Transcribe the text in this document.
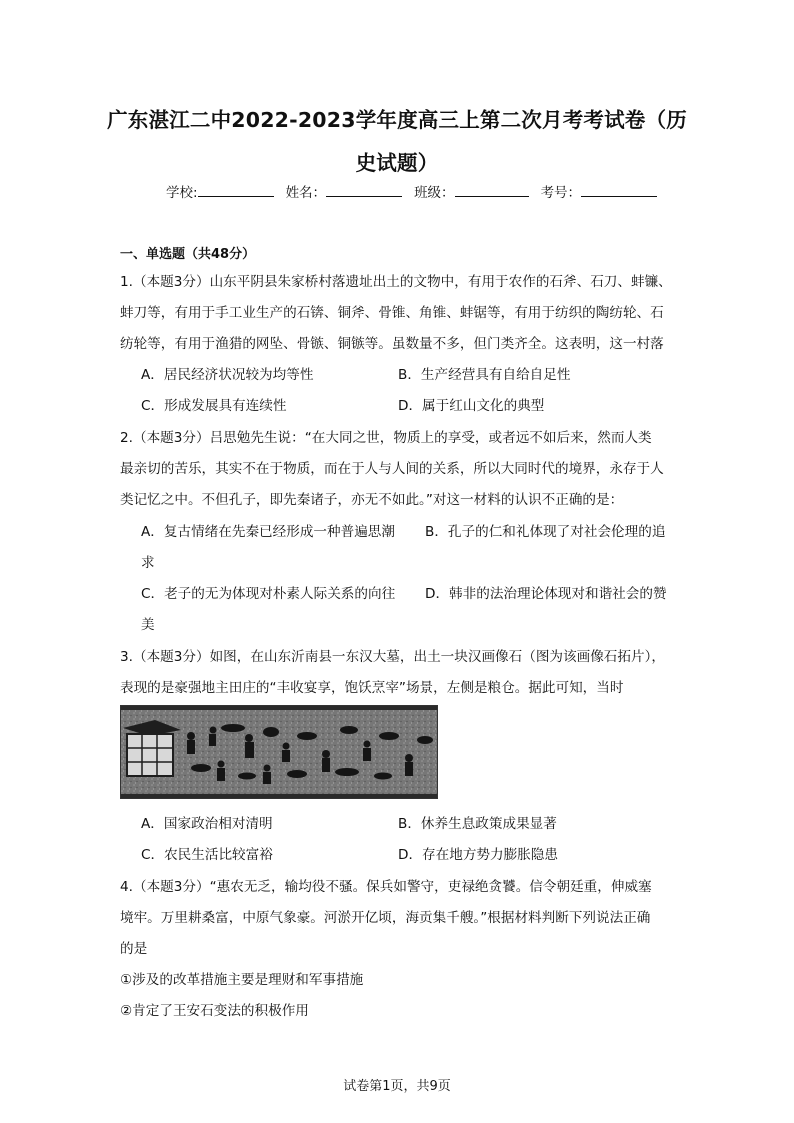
广东湛江二中2022-2023学年度高三上第二次月考考试卷（历
史试题）
学校:	姓名：	班级：	考号：
一、单选题（共48分）
1.（本题3分）山东平阴县朱家桥村落遗址出土的文物中，有用于农作的石斧、石刀、蚌镰、
蚌刀等，有用于手工业生产的石锛、铜斧、骨锥、角锥、蚌锯等，有用于纺织的陶纺轮、石
纺轮等，有用于渔猎的网坠、骨镞、铜镞等。虽数量不多，但门类齐全。这表明，这一村落
A．居民经济状况较为均等性	B．生产经营具有自给自足性
C．形成发展具有连续性	D．属于红山文化的典型
2.（本题3分）吕思勉先生说：“在大同之世，物质上的享受，或者远不如后来，然而人类
最亲切的苦乐，其实不在于物质，而在于人与人间的关系，所以大同时代的境界，永存于人
类记忆之中。不但孔子，即先秦诸子，亦无不如此。”对这一材料的认识不正确的是：
A．复古情绪在先秦已经形成一种普遍思潮 B．孔子的仁和礼体现了对社会伦理的追
求
C．老子的无为体现对朴素人际关系的向往 D．韩非的法治理论体现对和谐社会的赞
美
3.（本题3分）如图，在山东沂南县一东汉大墓，出土一块汉画像石（图为该画像石拓片），
表现的是豪强地主田庄的“丰收宴享，饱饫烹宰”场景，左侧是粮仓。据此可知，当时
A．国家政治相对清明	B．休养生息政策成果显著
C．农民生活比较富裕	D．存在地方势力膨胀隐患
4.（本题3分）“惠农无乏，输均役不骚。保兵如警守，吏禄绝贪饕。信令朝廷重，伸威塞
境牢。万里耕桑富，中原气象豪。河淤开亿顷，海贡集千艘。”根据材料判断下列说法正确
的是
①涉及的改革措施主要是理财和军事措施
②肯定了王安石变法的积极作用
试卷第1页，共9页
